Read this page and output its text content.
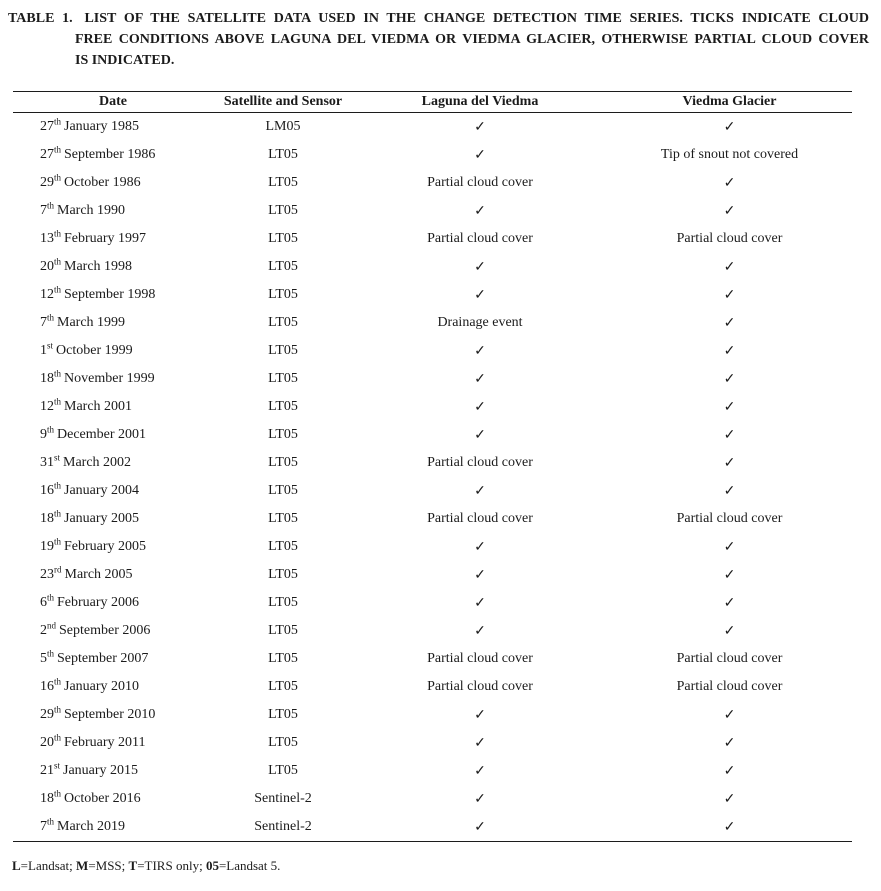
TABLE 1. LIST OF THE SATELLITE DATA USED IN THE CHANGE DETECTION TIME SERIES. TICKS INDICATE CLOUD
FREE CONDITIONS ABOVE LAGUNA DEL VIEDMA OR VIEDMA GLACIER, OTHERWISE PARTIAL CLOUD COVER
IS INDICATED.
Date	Satellite and Sensor	Laguna del Viedma	Viedma Glacier
27th January 1985	LM05	✓	✓
27th September 1986	LT05	✓	Tip of snout not covered
29th October 1986	LT05	Partial cloud cover	✓
7th March 1990	LT05	✓	✓
13th February 1997	LT05	Partial cloud cover	Partial cloud cover
20th March 1998	LT05	✓	✓
12th September 1998	LT05	✓	✓
7th March 1999	LT05	Drainage event	✓
1st October 1999	LT05	✓	✓
18th November 1999	LT05	✓	✓
12th March 2001	LT05	✓	✓
9th December 2001	LT05	✓	✓
31st March 2002	LT05	Partial cloud cover	✓
16th January 2004	LT05	✓	✓
18th January 2005	LT05	Partial cloud cover	Partial cloud cover
19th February 2005	LT05	✓	✓
23rd March 2005	LT05	✓	✓
6th February 2006	LT05	✓	✓
2nd September 2006	LT05	✓	✓
5th September 2007	LT05	Partial cloud cover	Partial cloud cover
16th January 2010	LT05	Partial cloud cover	Partial cloud cover
29th September 2010	LT05	✓	✓
20th February 2011	LT05	✓	✓
21st January 2015	LT05	✓	✓
18th October 2016	Sentinel-2	✓	✓
7th March 2019	Sentinel-2	✓	✓
L=Landsat; M=MSS; T=TIRS only; 05=Landsat 5.
